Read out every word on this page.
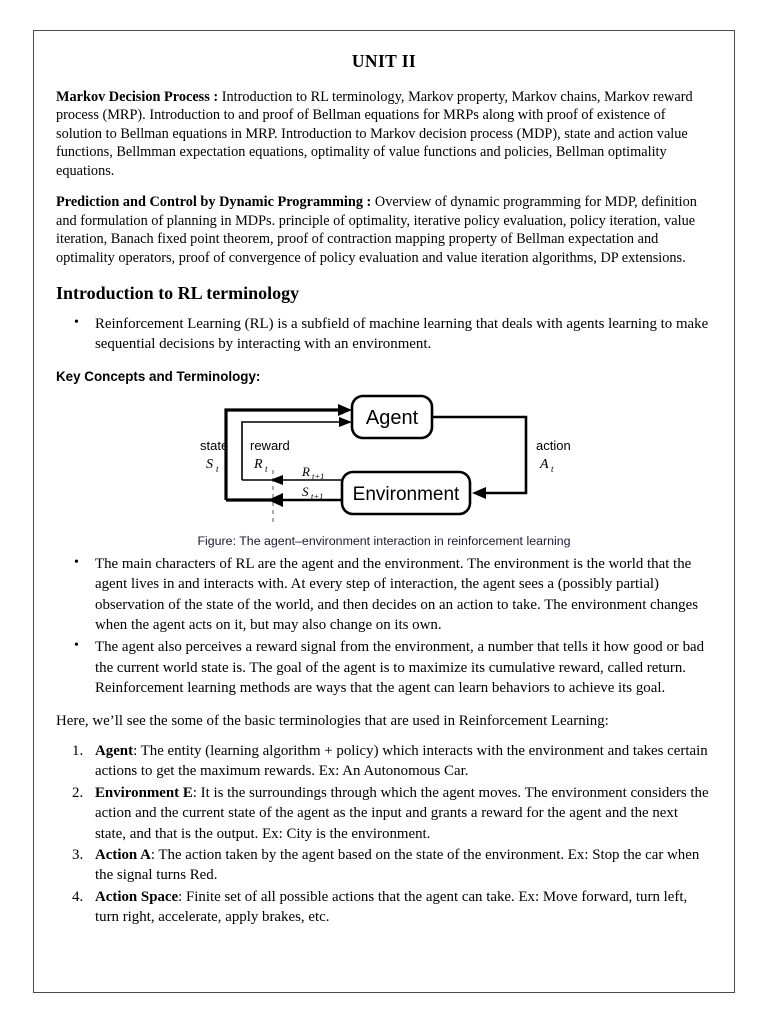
UNIT II

Markov Decision Process : Introduction to RL terminology, Markov property, Markov chains, Markov reward process (MRP). Introduction to and proof of Bellman equations for MRPs along with proof of existence of solution to Bellman equations in MRP. Introduction to Markov decision process (MDP), state and action value functions, Bellmman expectation equations, optimality of value functions and policies, Bellman optimality equations.

Prediction and Control by Dynamic Programming : Overview of dynamic programming for MDP, definition and formulation of planning in MDPs. principle of optimality, iterative policy evaluation, policy iteration, value iteration, Banach fixed point theorem, proof of contraction mapping property of Bellman expectation and optimality operators, proof of convergence of policy evaluation and value iteration algorithms, DP extensions.

Introduction to RL terminology
• Reinforcement Learning (RL) is a subfield of machine learning that deals with agents learning to make sequential decisions by interacting with an environment.
Key Concepts and Terminology:
Agent
Environment
state
S t
reward
R t
action
A t
R t+1
S t+1
Figure: The agent–environment interaction in reinforcement learning
• The main characters of RL are the agent and the environment. The environment is the world that the agent lives in and interacts with. At every step of interaction, the agent sees a (possibly partial) observation of the state of the world, and then decides on an action to take. The environment changes when the agent acts on it, but may also change on its own.
• The agent also perceives a reward signal from the environment, a number that tells it how good or bad the current world state is. The goal of the agent is to maximize its cumulative reward, called return. Reinforcement learning methods are ways that the agent can learn behaviors to achieve its goal.

Here, we’ll see the some of the basic terminologies that are used in Reinforcement Learning:

Agent: The entity (learning algorithm + policy) which interacts with the environment and takes certain actions to get the maximum rewards. Ex: An Autonomous Car.
Environment E: It is the surroundings through which the agent moves. The environment considers the action and the current state of the agent as the input and grants a reward for the agent and the next state, and that is the output. Ex: City is the environment.
Action A: The action taken by the agent based on the state of the environment. Ex: Stop the car when the signal turns Red.
Action Space: Finite set of all possible actions that the agent can take. Ex: Move forward, turn left, turn right, accelerate, apply brakes, etc.
